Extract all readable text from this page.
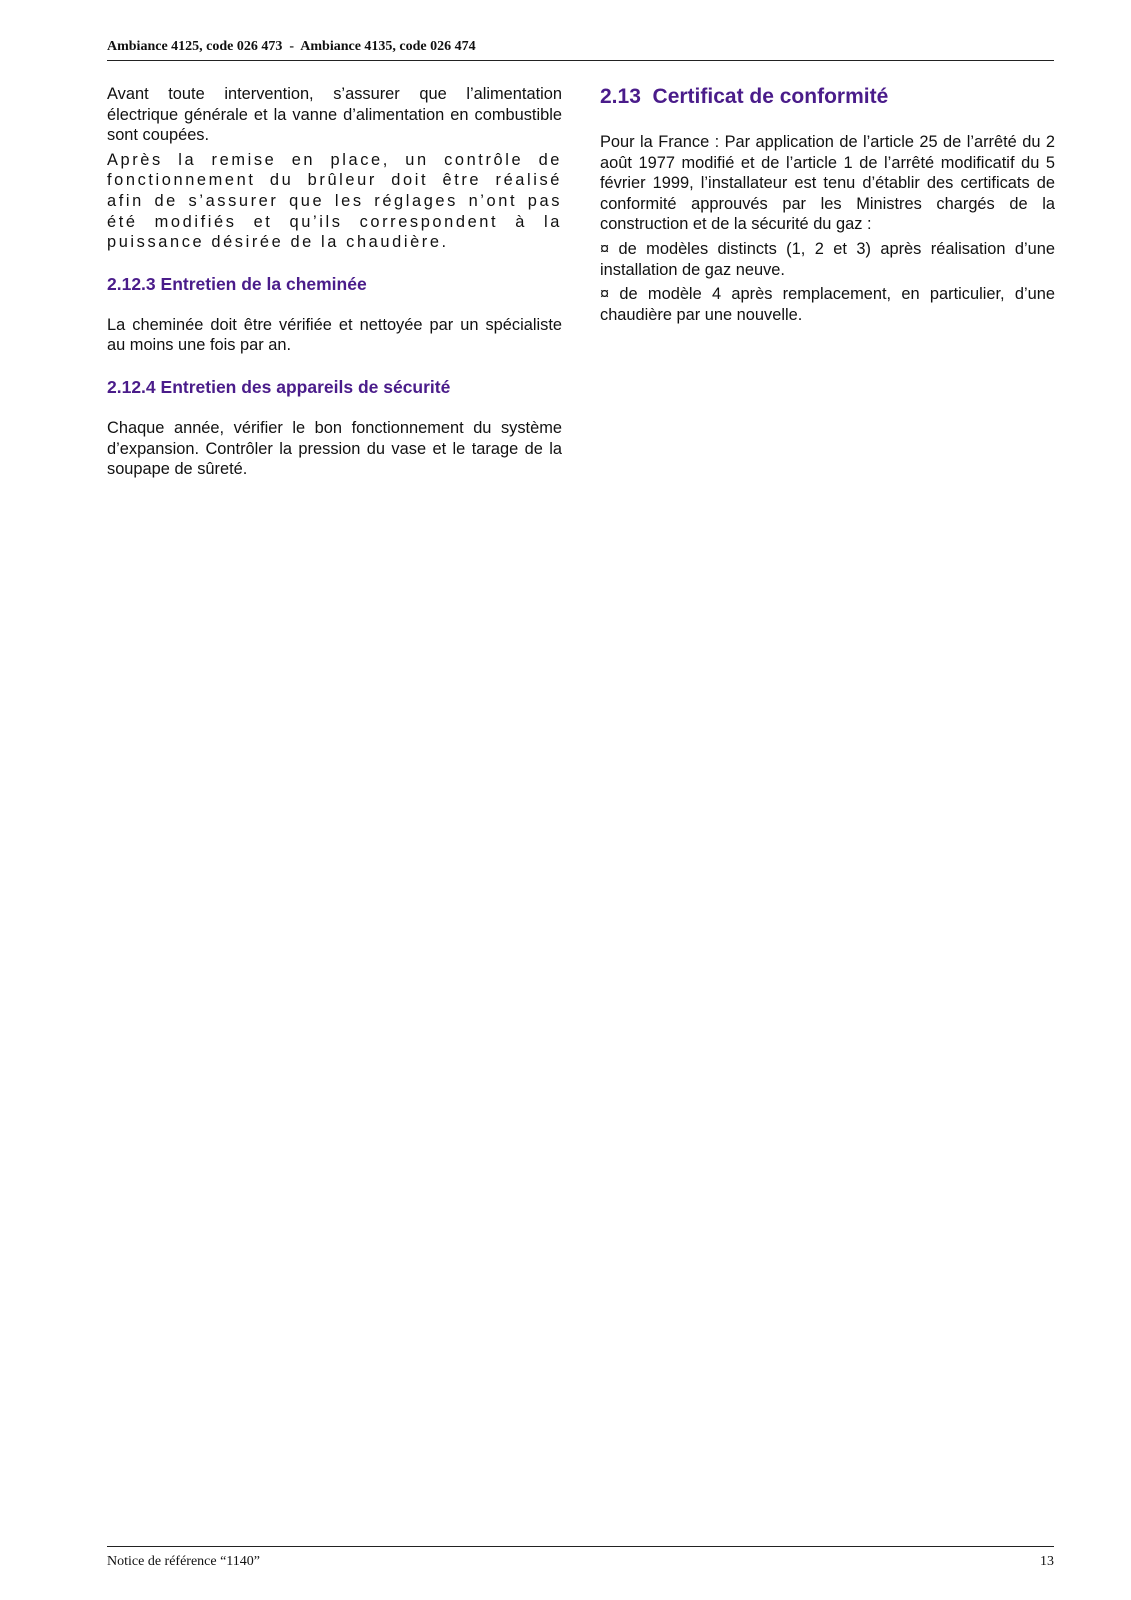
Ambiance 4125, code 026 473  -  Ambiance 4135, code 026 474

Avant toute intervention, s’assurer que l’alimentation électrique générale et la vanne d’alimentation en combustible sont coupées.

Après la remise en place, un contrôle de fonctionnement du brûleur doit être réalisé afin de s’assurer que les réglages n’ont pas été modifiés et qu’ils correspondent à la puissance désirée de la chaudière.

2.12.3 Entretien de la cheminée

La cheminée doit être vérifiée et nettoyée par un spécialiste au moins une fois par an.

2.12.4 Entretien des appareils de sécurité

Chaque année, vérifier le bon fonctionnement du système d’expansion. Contrôler la pression du vase et le tarage de la soupape de sûreté.

2.13  Certificat de conformité

Pour la France : Par application de l’article 25 de l’arrêté du 2 août 1977 modifié et de l’article 1 de l’arrêté modificatif du 5 février 1999, l’installateur est tenu d’établir des certificats de conformité approuvés par les Ministres chargés de la construction et de la sécurité du gaz :

¤ de modèles distincts (1, 2 et 3) après réalisation d’une installation de gaz neuve.

¤ de modèle 4 après remplacement, en particulier, d’une chaudière par une nouvelle.

Notice de référence “1140”	13
